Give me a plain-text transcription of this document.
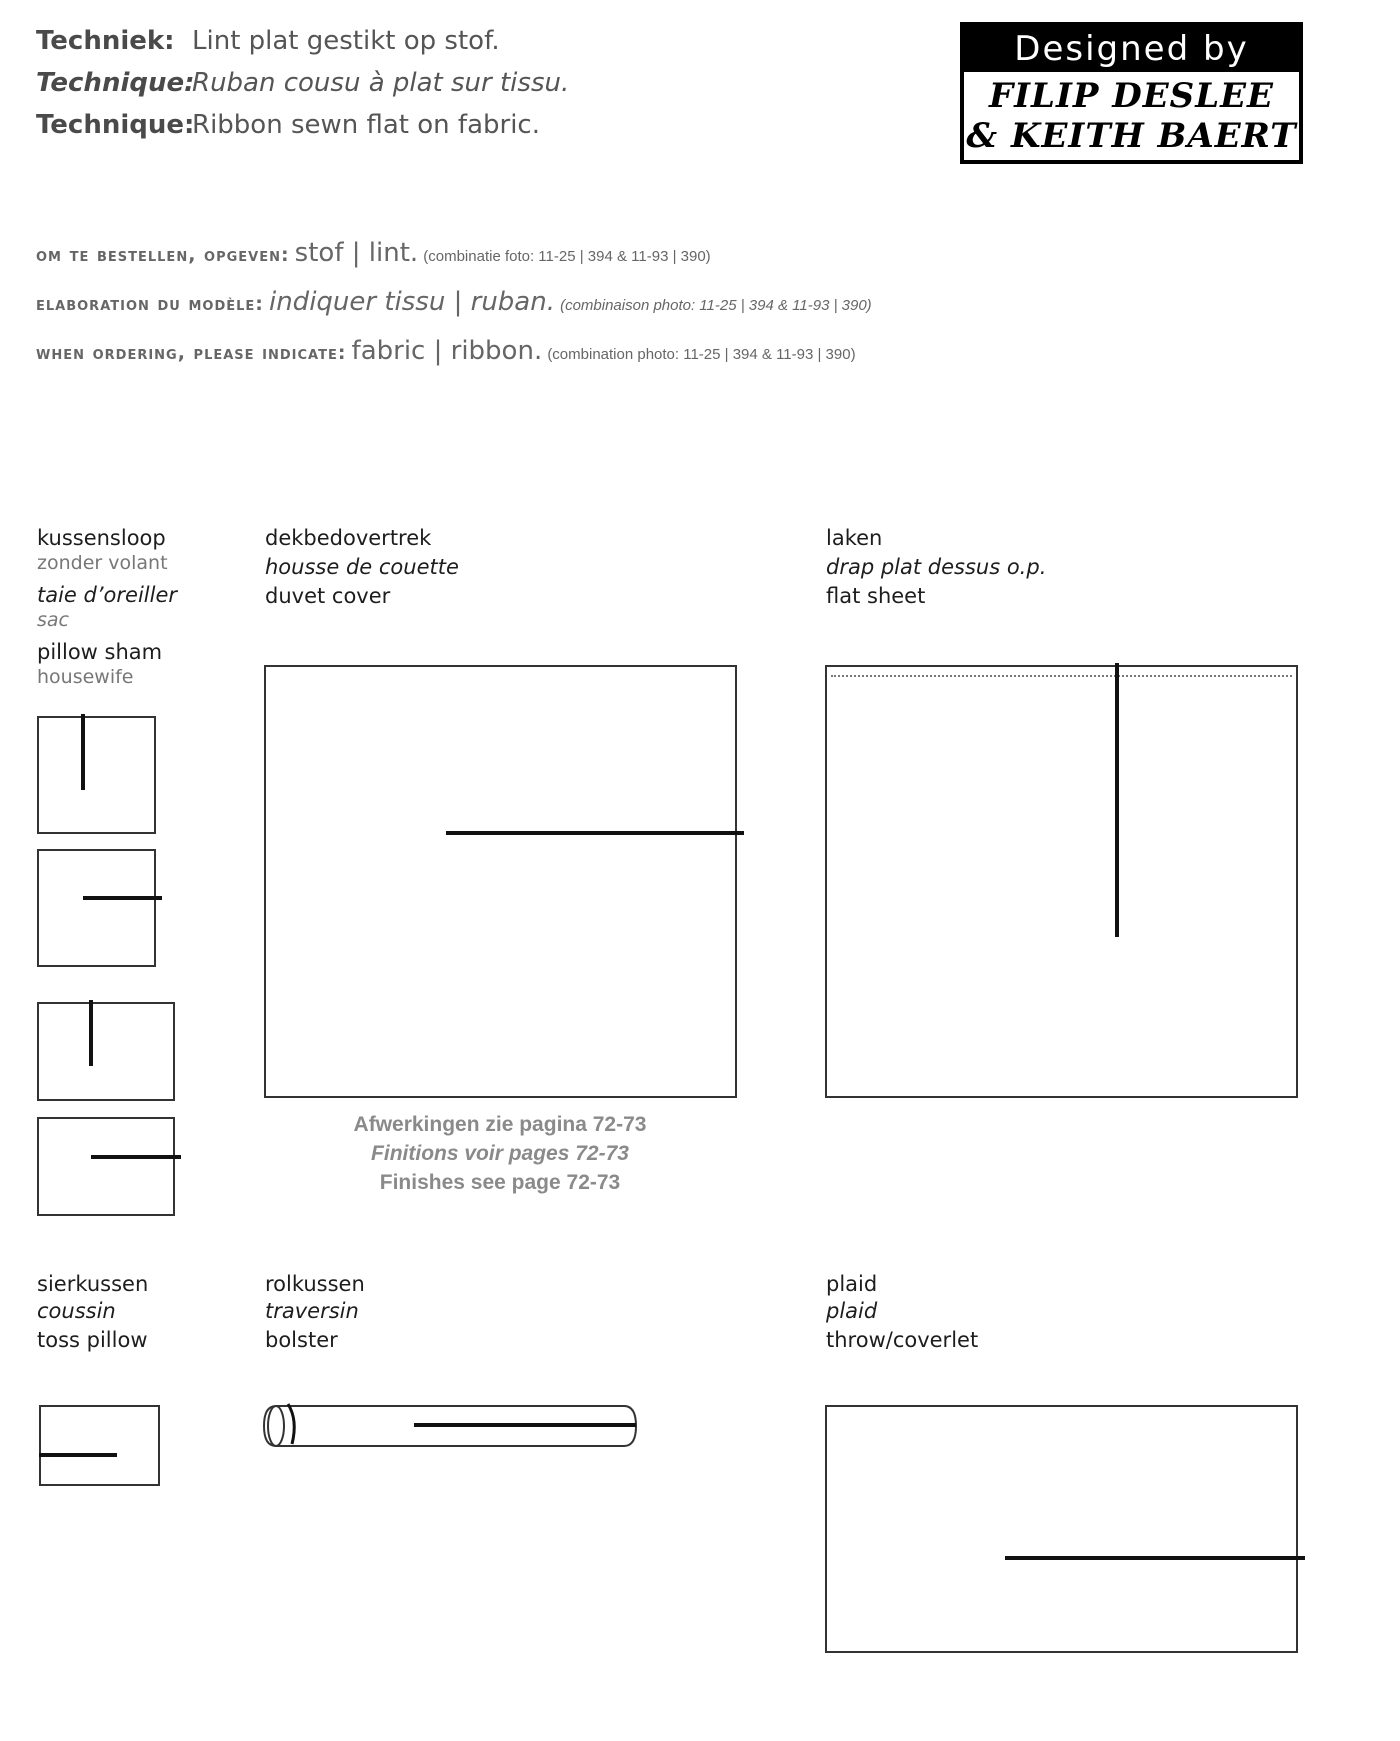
Techniek: Lint plat gestikt op stof.
Technique:
Ruban cousu à plat sur tissu.
Technique:
Ribbon sewn flat on fabric.
Designed by
FILIP DESLEE
& KEITH BAERT
om te bestellen, opgeven: stof | lint. (combinatie foto: 11-25 | 394 & 11-93 | 390)
elaboration du modèle: indiquer tissu | ruban. (combinaison photo: 11-25 | 394 & 11-93 | 390)
when ordering, please indicate: fabric | ribbon. (combination photo: 11-25 | 394 & 11-93 | 390)
kussensloop
zonder volant
taie d’oreiller
sac
pillow sham
housewife
dekbedovertrek
housse de couette
duvet cover
Afwerkingen zie pagina 72-73
Finitions voir pages 72-73
Finishes see page 72-73
laken
drap plat dessus o.p.
flat sheet
sierkussen
coussin
toss pillow
rolkussen
traversin
bolster
plaid
plaid
throw/coverlet
